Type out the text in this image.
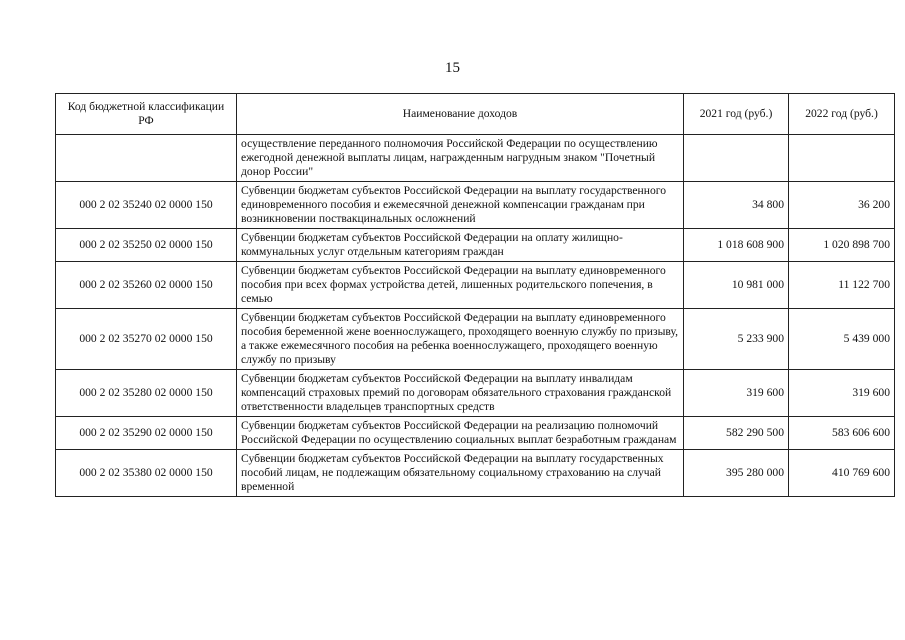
15
Код бюджетной классификации РФ	Наименование доходов	2021 год (руб.)	2022 год (руб.)
	осуществление переданного полномочия Российской Федерации по осуществлению ежегодной денежной выплаты лицам, награжденным нагрудным знаком "Почетный донор России"		
000 2 02 35240 02 0000 150	Субвенции бюджетам субъектов Российской Федерации на выплату государственного единовременного пособия и ежемесячной денежной компенсации гражданам при возникновении поствакцинальных осложнений	34 800	36 200
000 2 02 35250 02 0000 150	Субвенции бюджетам субъектов Российской Федерации на оплату жилищно-коммунальных услуг отдельным категориям граждан	1 018 608 900	1 020 898 700
000 2 02 35260 02 0000 150	Субвенции бюджетам субъектов Российской Федерации на выплату единовременного пособия при всех формах устройства детей, лишенных родительского попечения, в семью	10 981 000	11 122 700
000 2 02 35270 02 0000 150	Субвенции бюджетам субъектов Российской Федерации на выплату единовременного пособия беременной жене военнослужащего, проходящего военную службу по призыву, а также ежемесячного пособия на ребенка военнослужащего, проходящего военную службу по призыву	5 233 900	5 439 000
000 2 02 35280 02 0000 150	Субвенции бюджетам субъектов Российской Федерации на выплату инвалидам компенсаций страховых премий по договорам обязательного страхования гражданской ответственности владельцев транспортных средств	319 600	319 600
000 2 02 35290 02 0000 150	Субвенции бюджетам субъектов Российской Федерации на реализацию полномочий Российской Федерации по осуществлению социальных выплат безработным гражданам	582 290 500	583 606 600
000 2 02 35380 02 0000 150	Субвенции бюджетам субъектов Российской Федерации на выплату государственных пособий лицам, не подлежащим обязательному социальному страхованию на случай временной	395 280 000	410 769 600
